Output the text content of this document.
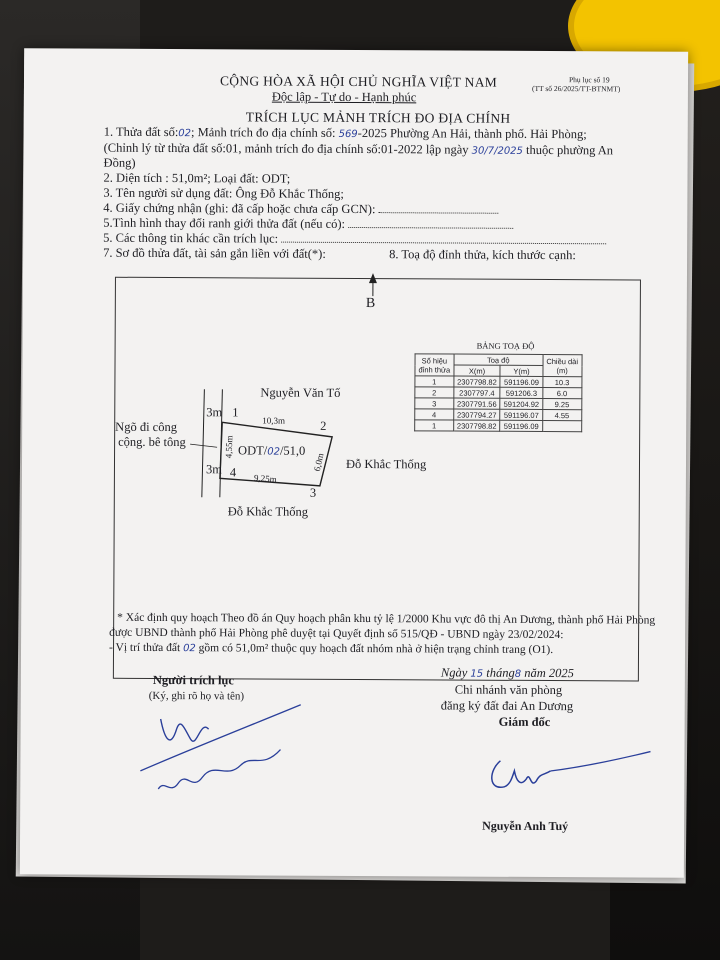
Phụ lục số 19
(TT số 26/2025/TT-BTNMT)
CỘNG HÒA XÃ HỘI CHỦ NGHĨA VIỆT NAM
Độc lập - Tự do - Hạnh phúc
TRÍCH LỤC MẢNH TRÍCH ĐO ĐỊA CHÍNH
1. Thửa đất số:02; Mảnh trích đo địa chính số: 569-2025 Phường An Hải, thành phố. Hải Phòng;
(Chỉnh lý từ thửa đất số:01, mảnh trích đo địa chính số:01-2022 lập ngày 30/7/2025 thuộc phường An
Đồng)
2. Diện tích : 51,0m²; Loại đất: ODT;
3. Tên người sử dụng đất: Ông Đỗ Khắc Thống;
4. Giấy chứng nhận (ghi: đã cấp hoặc chưa cấp GCN):
5.Tình hình thay đổi ranh giới thửa đất (nếu có):
5. Các thông tin khác cần trích lục:
7. Sơ đồ thửa đất, tài sản gắn liền với đất(*):	8. Toạ độ đỉnh thửa, kích thước cạnh:
B
Nguyễn Văn Tố
Ngõ đi công
cộng. bê tông
Đỗ Khắc Thống
Đỗ Khắc Thống
3m
3m
1
2
3
4
10,3m
4,55m
6,0m
9,25m
ODT/02/51,0
BẢNG TOẠ ĐỘ
Số hiệu
đỉnh thửa	Toạ độ		Chiều dài
(m)
	X(m)	Y(m)	
1	2307798.82	591196.09	10.3
2	2307797.4	591206.3	6.0
3	2307791.56	591204.92	9.25
4	2307794.27	591196.07	4.55
1	2307798.82	591196.09	
* Xác định quy hoạch Theo đồ án Quy hoạch phân khu tỷ lệ 1/2000 Khu vực đô thị An Dương, thành phố Hải Phòng
được UBND thành phố Hải Phòng phê duyệt tại Quyết định số 515/QĐ - UBND ngày 23/02/2024:
- Vị trí thửa đất 02 gồm có 51,0m² thuộc quy hoạch đất nhóm nhà ở hiện trạng chỉnh trang (O1).
Người trích lục
(Ký, ghi rõ họ và tên)
Ngày 15 tháng8 năm 2025
Chi nhánh văn phòng
đăng ký đất đai An Dương
Giám đốc
Nguyễn Anh Tuý
